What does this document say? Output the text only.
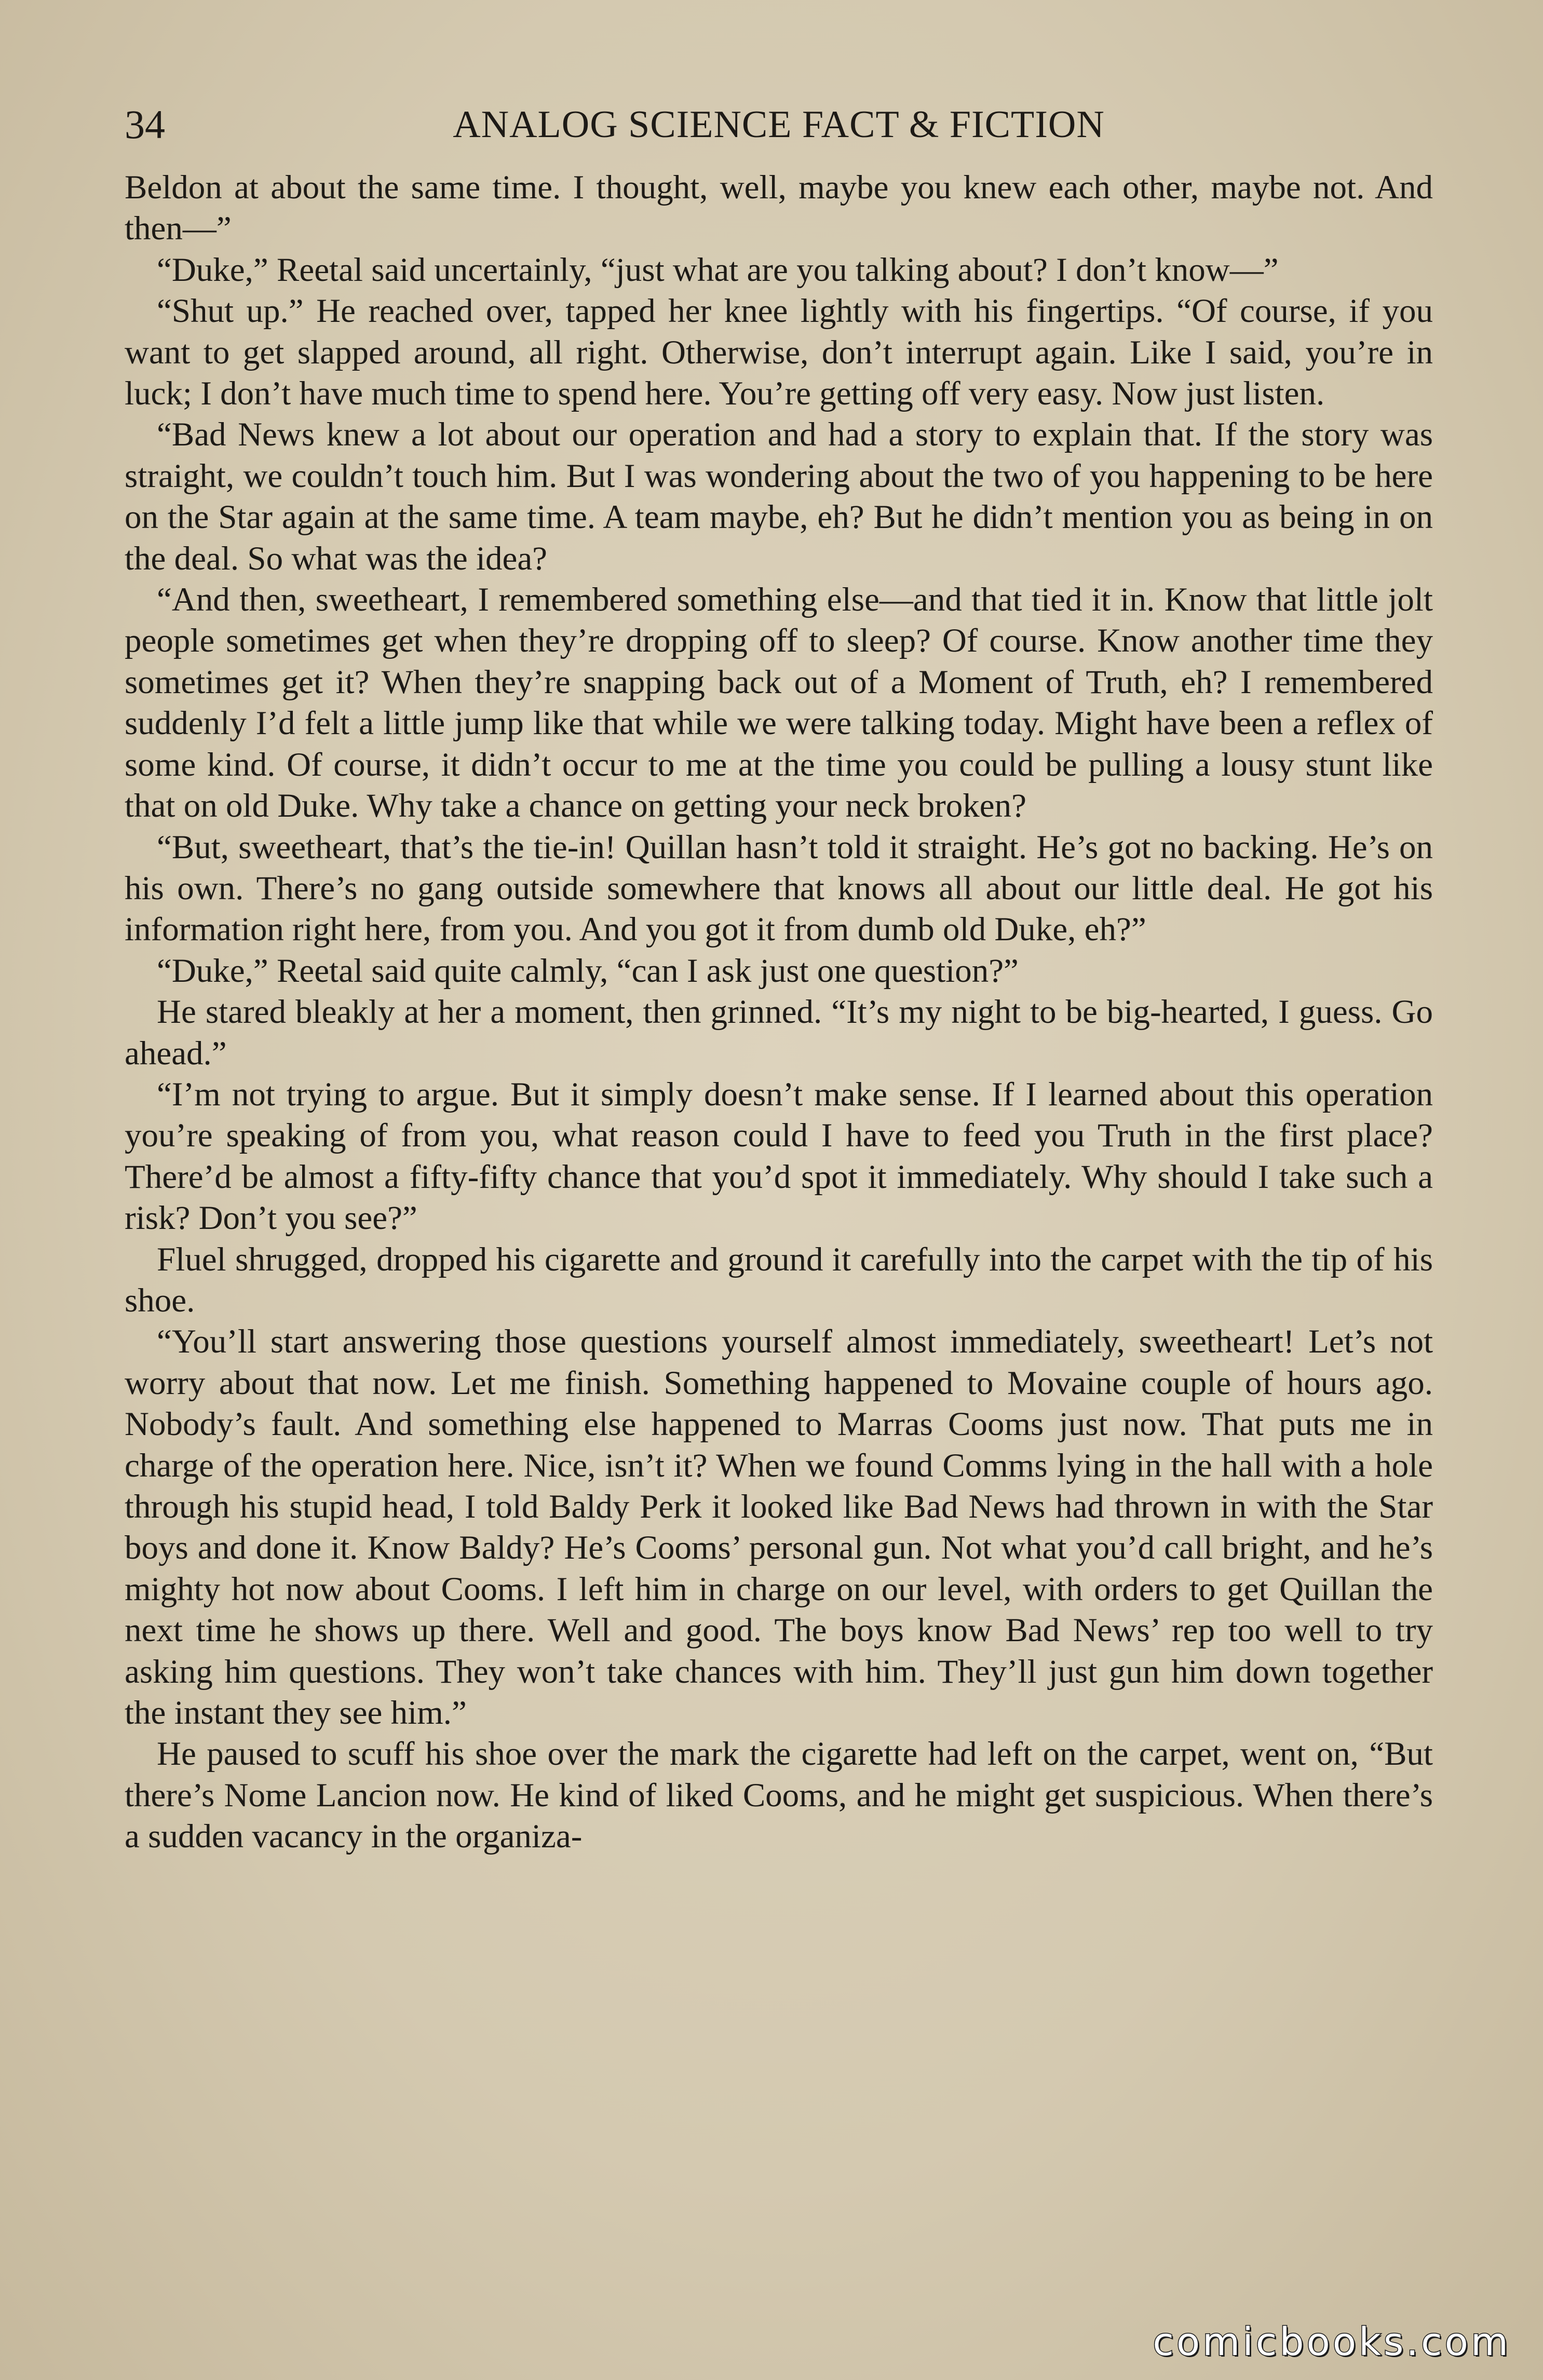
34	ANALOG SCIENCE FACT & FICTION

Beldon at about the same time. I thought, well, maybe you knew each other, maybe not. And then—”

“Duke,” Reetal said uncertainly, “just what are you talking about? I don’t know—”

“Shut up.” He reached over, tapped her knee lightly with his fingertips. “Of course, if you want to get slapped around, all right. Otherwise, don’t interrupt again. Like I said, you’re in luck; I don’t have much time to spend here. You’re getting off very easy. Now just listen.

“Bad News knew a lot about our operation and had a story to explain that. If the story was straight, we couldn’t touch him. But I was wondering about the two of you happening to be here on the Star again at the same time. A team maybe, eh? But he didn’t mention you as being in on the deal. So what was the idea?

“And then, sweetheart, I remembered something else—and that tied it in. Know that little jolt people sometimes get when they’re dropping off to sleep? Of course. Know another time they sometimes get it? When they’re snapping back out of a Moment of Truth, eh? I remembered suddenly I’d felt a little jump like that while we were talking today. Might have been a reflex of some kind. Of course, it didn’t occur to me at the time you could be pulling a lousy stunt like that on old Duke. Why take a chance on getting your neck broken?

“But, sweetheart, that’s the tie-in! Quillan hasn’t told it straight. He’s got no backing. He’s on his own. There’s no gang outside somewhere that knows all about our little deal. He got his information right here, from you. And you got it from dumb old Duke, eh?”

“Duke,” Reetal said quite calmly, “can I ask just one question?”

He stared bleakly at her a moment, then grinned. “It’s my night to be big-hearted, I guess. Go ahead.”

“I’m not trying to argue. But it simply doesn’t make sense. If I learned about this operation you’re speaking of from you, what reason could I have to feed you Truth in the first place? There’d be almost a fifty-fifty chance that you’d spot it immediately. Why should I take such a risk? Don’t you see?”

Fluel shrugged, dropped his cigarette and ground it carefully into the carpet with the tip of his shoe.

“You’ll start answering those questions yourself almost immediately, sweetheart! Let’s not worry about that now. Let me finish. Something happened to Movaine couple of hours ago. Nobody’s fault. And something else happened to Marras Cooms just now. That puts me in charge of the operation here. Nice, isn’t it? When we found Comms lying in the hall with a hole through his stupid head, I told Baldy Perk it looked like Bad News had thrown in with the Star boys and done it. Know Baldy? He’s Cooms’ personal gun. Not what you’d call bright, and he’s mighty hot now about Cooms. I left him in charge on our level, with orders to get Quillan the next time he shows up there. Well and good. The boys know Bad News’ rep too well to try asking him questions. They won’t take chances with him. They’ll just gun him down together the instant they see him.”

He paused to scuff his shoe over the mark the cigarette had left on the carpet, went on, “But there’s Nome Lancion now. He kind of liked Cooms, and he might get suspicious. When there’s a sudden vacancy in the organiza-

comicbooks.com
